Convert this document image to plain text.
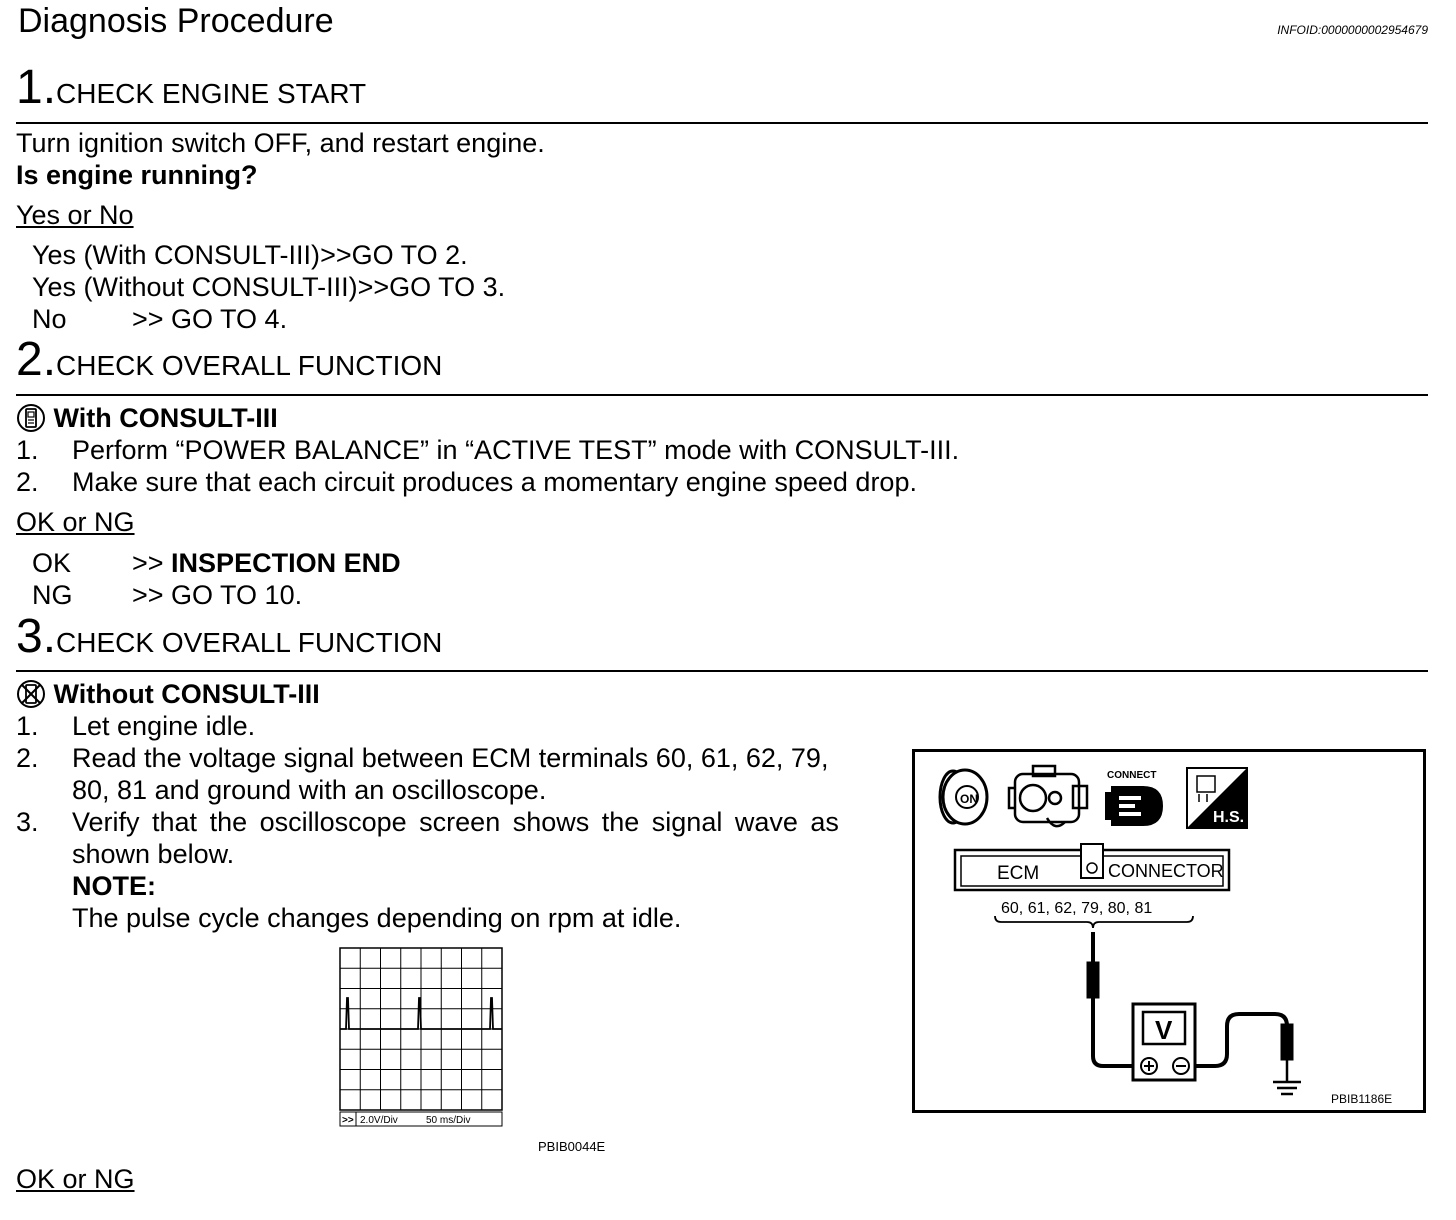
Diagnosis Procedure	INFOID:0000000002954679
1.CHECK ENGINE START
Turn ignition switch OFF, and restart engine.
Is engine running?
Yes or No
Yes (With CONSULT-III)>>GO TO 2.
Yes (Without CONSULT-III)>>GO TO 3.
No >> GO TO 4.
2.CHECK OVERALL FUNCTION
With CONSULT-III
1. Perform “POWER BALANCE” in “ACTIVE TEST” mode with CONSULT-III.
2. Make sure that each circuit produces a momentary engine speed drop.
OK or NG
OK >> INSPECTION END
NG >> GO TO 10.
3.CHECK OVERALL FUNCTION
Without CONSULT-III
1. Let engine idle.
2. Read the voltage signal between ECM terminals 60, 61, 62, 79,
80, 81 and ground with an oscilloscope.
3. Verify that the oscilloscope screen shows the signal wave as
shown below.
NOTE:
The pulse cycle changes depending on rpm at idle.
>> 2.0V/Div	50 ms/Div
PBIB0044E
ON
CONNECT
H.S.
ECM	CONNECTOR
60, 61, 62, 79, 80, 81
V
PBIB1186E
OK or NG
